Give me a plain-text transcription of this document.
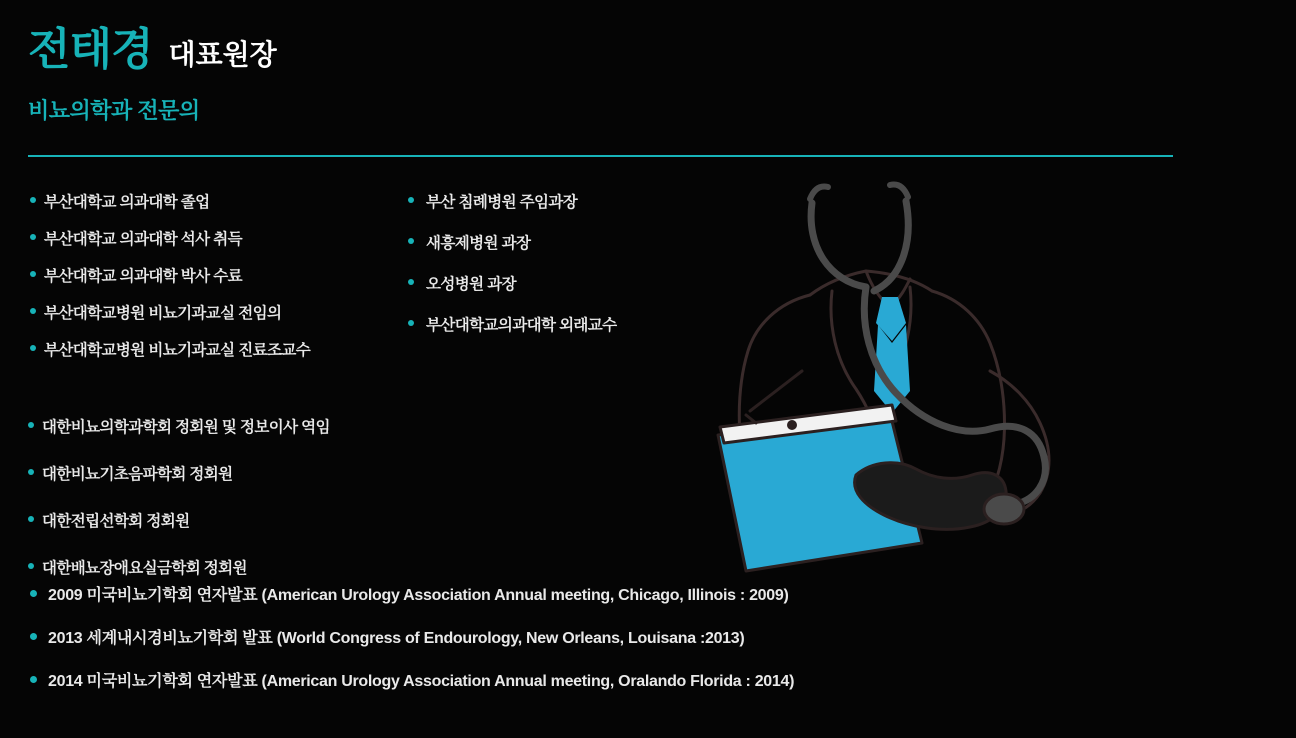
전태경 대표원장
비뇨의학과 전문의
부산대학교 의과대학 졸업
부산대학교 의과대학 석사 취득
부산대학교 의과대학 박사 수료
부산대학교병원 비뇨기과교실 전임의
부산대학교병원 비뇨기과교실 진료조교수
부산 침례병원 주임과장
새흥제병원 과장
오성병원 과장
부산대학교의과대학 외래교수
대한비뇨의학과학회 정회원 및 정보이사 역임
대한비뇨기초음파학회 정회원
대한전립선학회 정회원
대한배뇨장애요실금학회 정회원
2009 미국비뇨기학회 연자발표 (American Urology Association Annual meeting, Chicago, Illinois : 2009)
2013 세계내시경비뇨기학회 발표 (World Congress of Endourology, New Orleans, Louisana :2013)
2014 미국비뇨기학회 연자발표 (American Urology Association Annual meeting, Oralando Florida : 2014)
